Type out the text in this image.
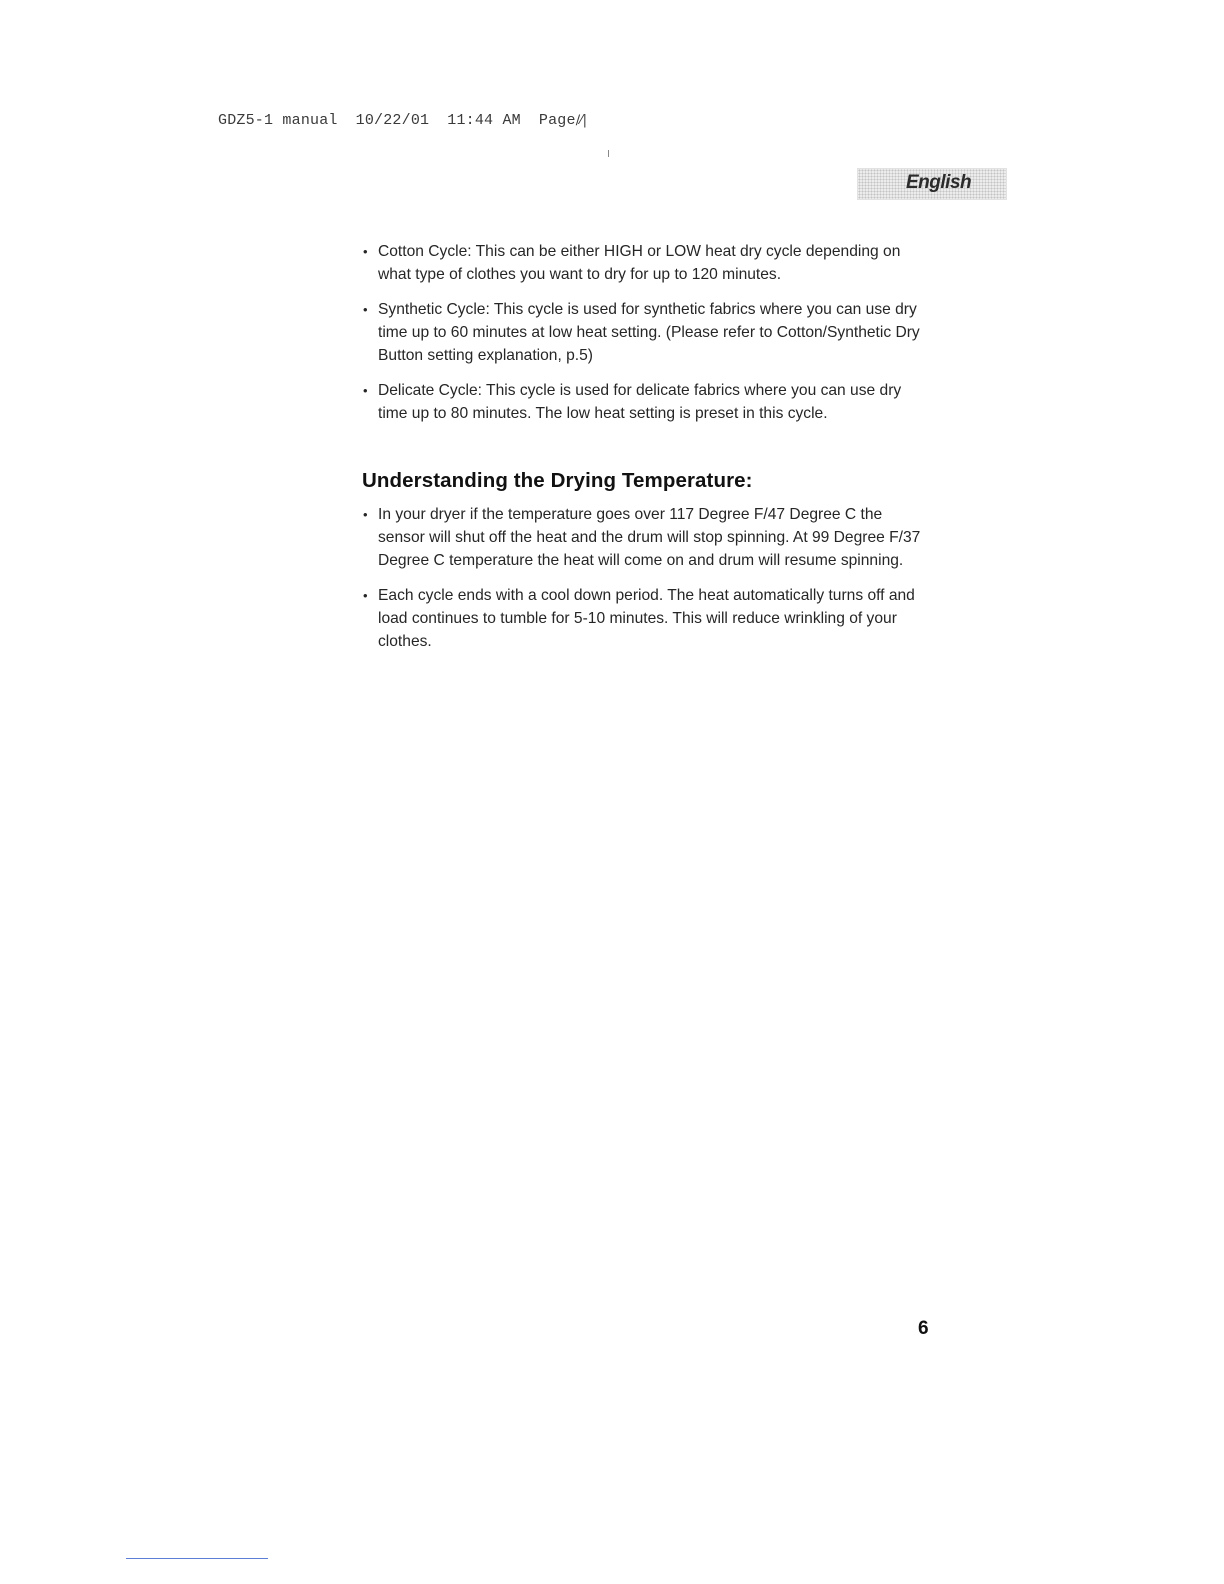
GDZ5-1 manual 10/22/01 11:44 AM Page∕⁄|
English
• Cotton Cycle: This can be either HIGH or LOW heat dry cycle depending on what type of clothes you want to dry for up to 120 minutes.
• Synthetic Cycle: This cycle is used for synthetic fabrics where you can use dry time up to 60 minutes at low heat setting. (Please refer to Cotton/Synthetic Dry Button setting explanation, p.5)
• Delicate Cycle: This cycle is used for delicate fabrics where you can use dry time up to 80 minutes. The low heat setting is preset in this cycle.
Understanding the Drying Temperature:
• In your dryer if the temperature goes over 117 Degree F/47 Degree C the sensor will shut off the heat and the drum will stop spinning. At 99 Degree F/37 Degree C temperature the heat will come on and drum will resume spinning.
• Each cycle ends with a cool down period. The heat automatically turns off and load continues to tumble for 5-10 minutes. This will reduce wrinkling of your clothes.
6
